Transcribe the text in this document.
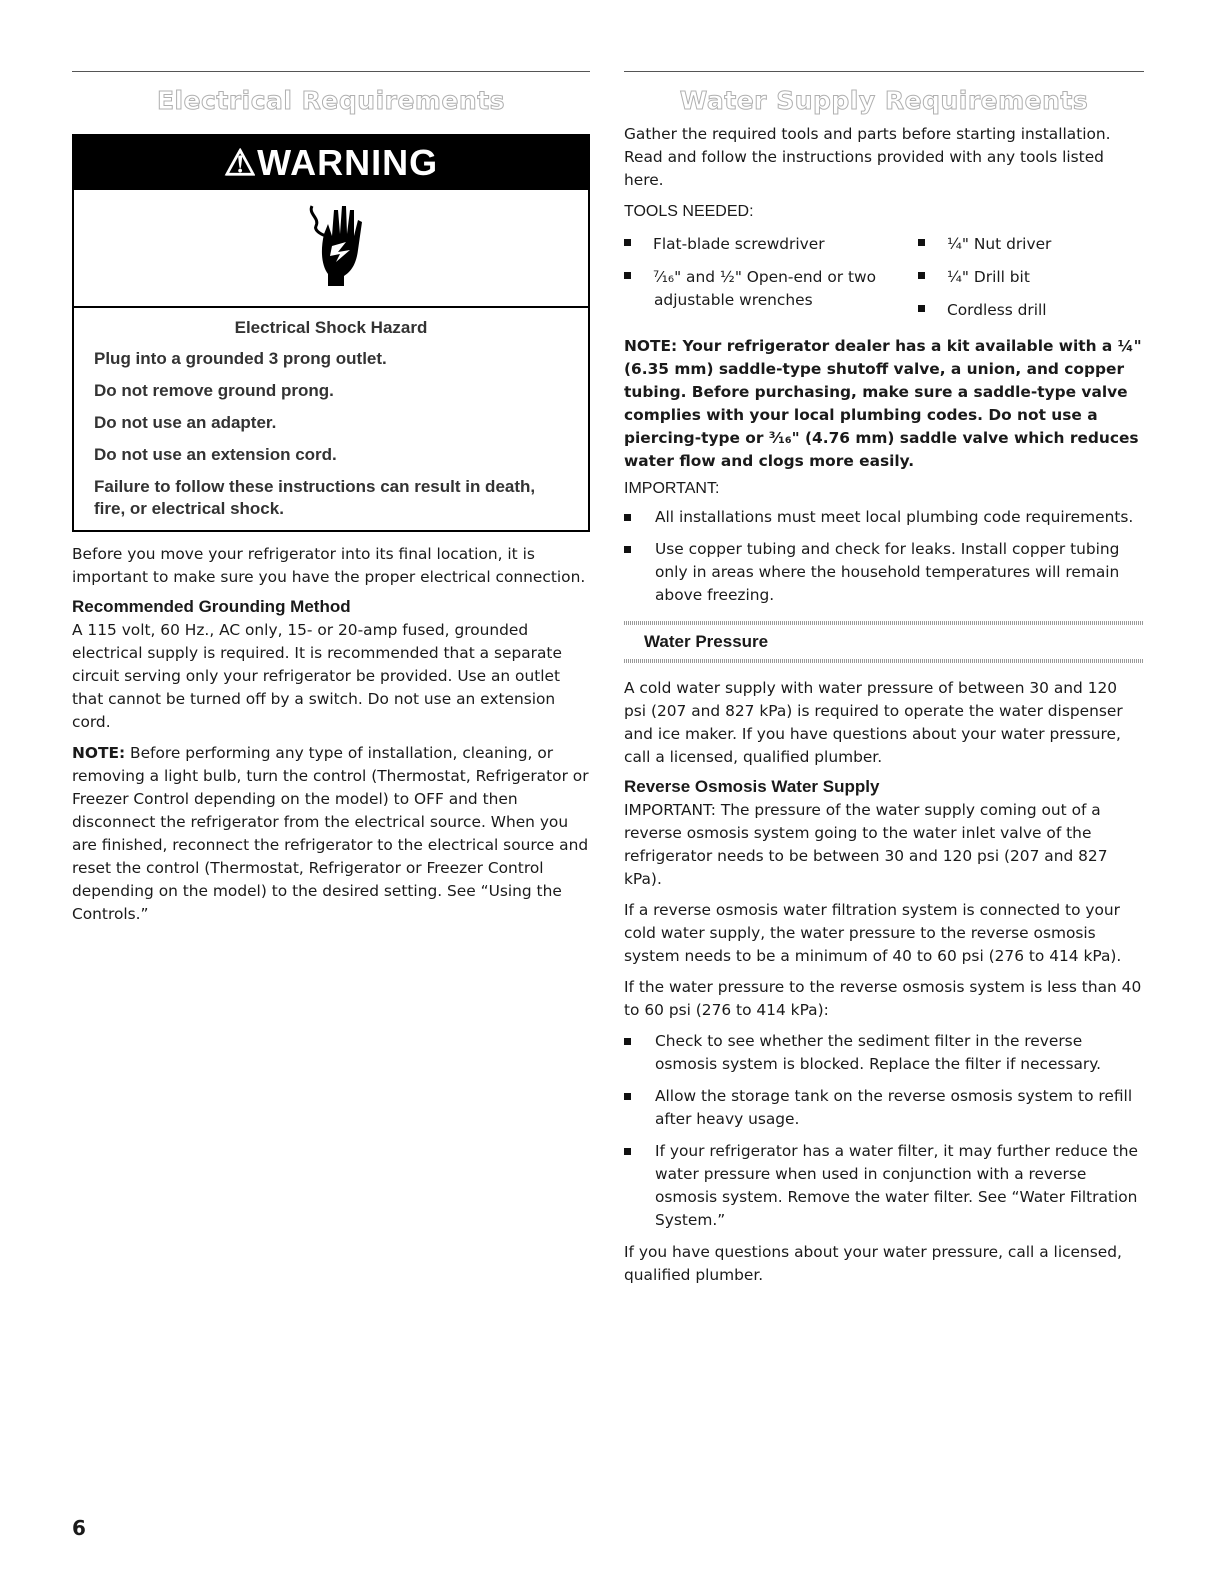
Electrical Requirements
⚠WARNING

Electrical Shock Hazard

Plug into a grounded 3 prong outlet.

Do not remove ground prong.

Do not use an adapter.

Do not use an extension cord.

Failure to follow these instructions can result in death, fire, or electrical shock.

Before you move your refrigerator into its final location, it is important to make sure you have the proper electrical connection.

Recommended Grounding Method

A 115 volt, 60 Hz., AC only, 15- or 20-amp fused, grounded electrical supply is required. It is recommended that a separate circuit serving only your refrigerator be provided. Use an outlet that cannot be turned off by a switch. Do not use an extension cord.

NOTE: Before performing any type of installation, cleaning, or removing a light bulb, turn the control (Thermostat, Refrigerator or Freezer Control depending on the model) to OFF and then disconnect the refrigerator from the electrical source. When you are finished, reconnect the refrigerator to the electrical source and reset the control (Thermostat, Refrigerator or Freezer Control depending on the model) to the desired setting. See “Using the Controls.”

Water Supply Requirements

Gather the required tools and parts before starting installation. Read and follow the instructions provided with any tools listed here.

TOOLS NEEDED:
Flat-blade screwdriver
⁷⁄₁₆" and ½" Open-end or two adjustable wrenches
¼" Nut driver
¼" Drill bit
Cordless drill

NOTE: Your refrigerator dealer has a kit available with a ¼" (6.35 mm) saddle-type shutoff valve, a union, and copper tubing. Before purchasing, make sure a saddle-type valve complies with your local plumbing codes. Do not use a piercing-type or ³⁄₁₆" (4.76 mm) saddle valve which reduces water flow and clogs more easily.

IMPORTANT:
All installations must meet local plumbing code requirements.
Use copper tubing and check for leaks. Install copper tubing only in areas where the household temperatures will remain above freezing.
Water Pressure

A cold water supply with water pressure of between 30 and 120 psi (207 and 827 kPa) is required to operate the water dispenser and ice maker. If you have questions about your water pressure, call a licensed, qualified plumber.

Reverse Osmosis Water Supply

IMPORTANT: The pressure of the water supply coming out of a reverse osmosis system going to the water inlet valve of the refrigerator needs to be between 30 and 120 psi (207 and 827 kPa).

If a reverse osmosis water filtration system is connected to your cold water supply, the water pressure to the reverse osmosis system needs to be a minimum of 40 to 60 psi (276 to 414 kPa).

If the water pressure to the reverse osmosis system is less than 40 to 60 psi (276 to 414 kPa):

Check to see whether the sediment filter in the reverse osmosis system is blocked. Replace the filter if necessary.
Allow the storage tank on the reverse osmosis system to refill after heavy usage.
If your refrigerator has a water filter, it may further reduce the water pressure when used in conjunction with a reverse osmosis system. Remove the water filter. See “Water Filtration System.”

If you have questions about your water pressure, call a licensed, qualified plumber.

6
